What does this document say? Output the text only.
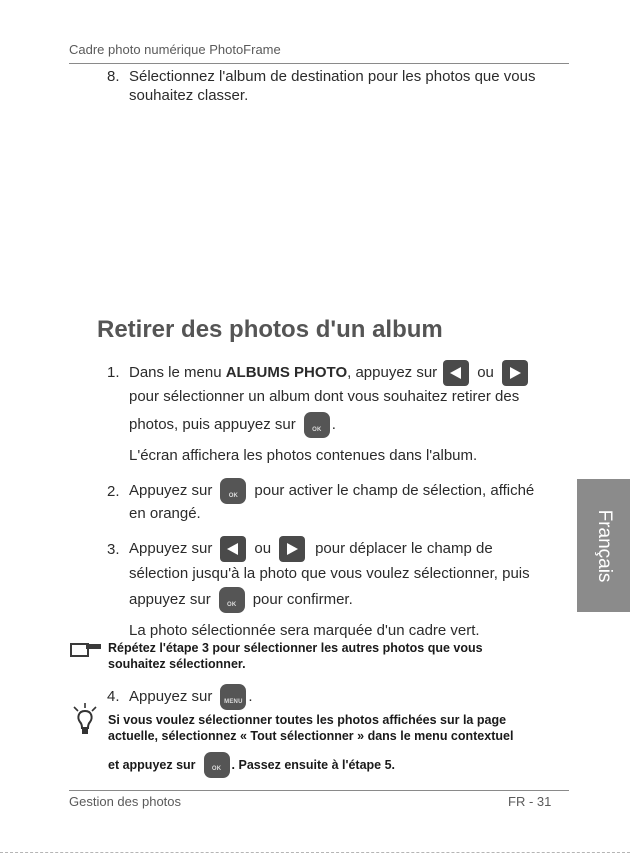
Cadre photo numérique PhotoFrame
8. Sélectionnez l'album de destination pour les photos que vous
souhaitez classer.
Retirer des photos d'un album
1. Dans le menu ALBUMS PHOTO , appuyez sur	ou
pour sélectionner un album dont vous souhaitez retirer des
photos, puis appuyez sur	OK .
L'écran affichera les photos contenues dans l'album.
2. Appuyez sur	OK	pour activer le champ de sélection, affiché
en orangé.
3. Appuyez sur	ou	pour déplacer le champ de
sélection jusqu'à la photo que vous voulez sélectionner, puis
appuyez sur	OK	pour confirmer.
La photo sélectionnée sera marquée d'un cadre vert.
Répétez l'étape 3 pour sélectionner les autres photos que vous
souhaitez sélectionner.
4. Appuyez sur	MENU .
Si vous voulez sélectionner toutes les photos affichées sur la page
actuelle, sélectionnez « Tout sélectionner » dans le menu contextuel
et appuyez sur	OK . Passez ensuite à l'étape 5.
Français
Gestion des photos	FR - 31
